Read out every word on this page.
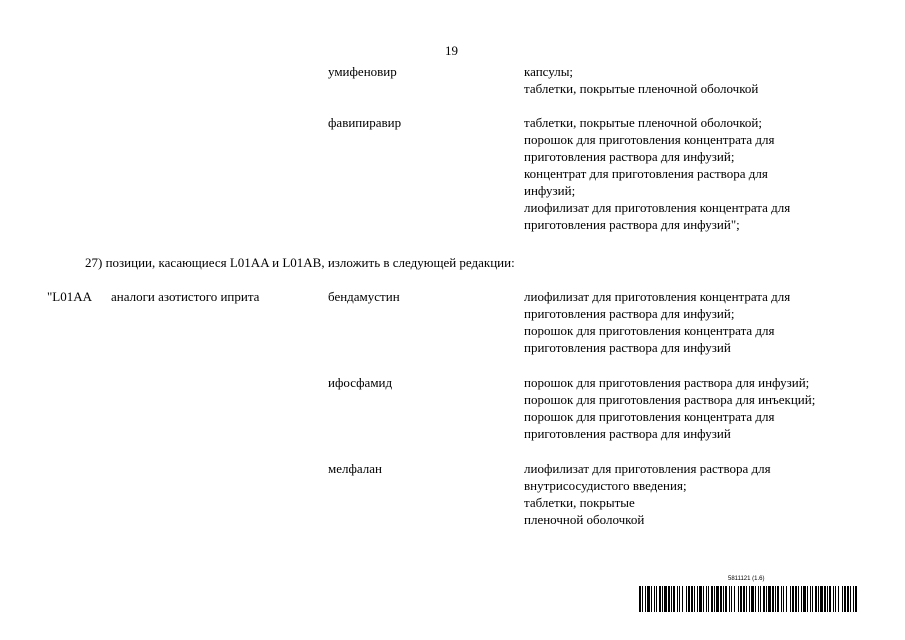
19
умифеновир	капсулы;
таблетки, покрытые пленочной оболочкой
фавипиравир	таблетки, покрытые пленочной оболочкой;
порошок для приготовления концентрата для
приготовления раствора для инфузий;
концентрат для приготовления раствора для
инфузий;
лиофилизат для приготовления концентрата для
приготовления раствора для инфузий";
27) позиции, касающиеся L01AA и L01AB, изложить в следующей редакции:
"L01AA аналоги азотистого иприта	бендамустин	лиофилизат для приготовления концентрата для
приготовления раствора для инфузий;
порошок для приготовления концентрата для
приготовления раствора для инфузий
ифосфамид	порошок для приготовления раствора для инфузий;
порошок для приготовления раствора для инъекций;
порошок для приготовления концентрата для
приготовления раствора для инфузий
мелфалан	лиофилизат для приготовления раствора для
внутрисосудистого введения;
таблетки, покрытые
пленочной оболочкой
5811121 (1.6)
